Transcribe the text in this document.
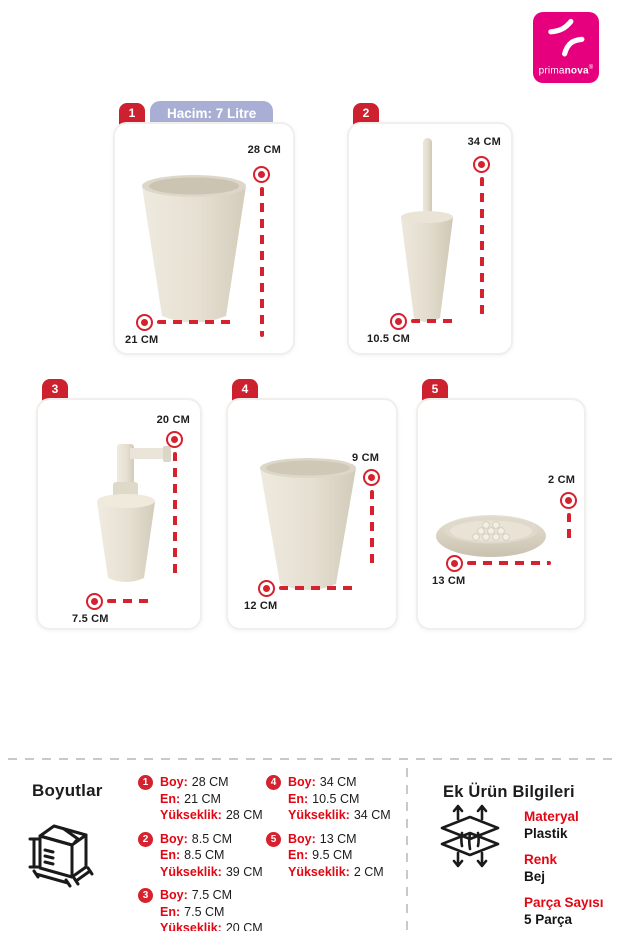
primanova®
1	Hacim: 7 Litre
28 CM
21 CM
2
34 CM
10.5 CM
3
20 CM
7.5 CM
4
9 CM
12 CM
5
2 CM
13 CM
Boyutlar	1 Boy: 28 CM
En: 21 CM
Yükseklik: 28 CM
2 Boy: 8.5 CM
En: 8.5 CM
Yükseklik: 39 CM
3 Boy: 7.5 CM
En: 7.5 CM
Yükseklik: 20 CM
4 Boy: 34 CM
En: 10.5 CM
Yükseklik: 34 CM
5 Boy: 13 CM
En: 9.5 CM
Yükseklik: 2 CM
Ek Ürün Bilgileri
Materyal
Plastik
Renk
Bej
Parça Sayısı
5 Parça
